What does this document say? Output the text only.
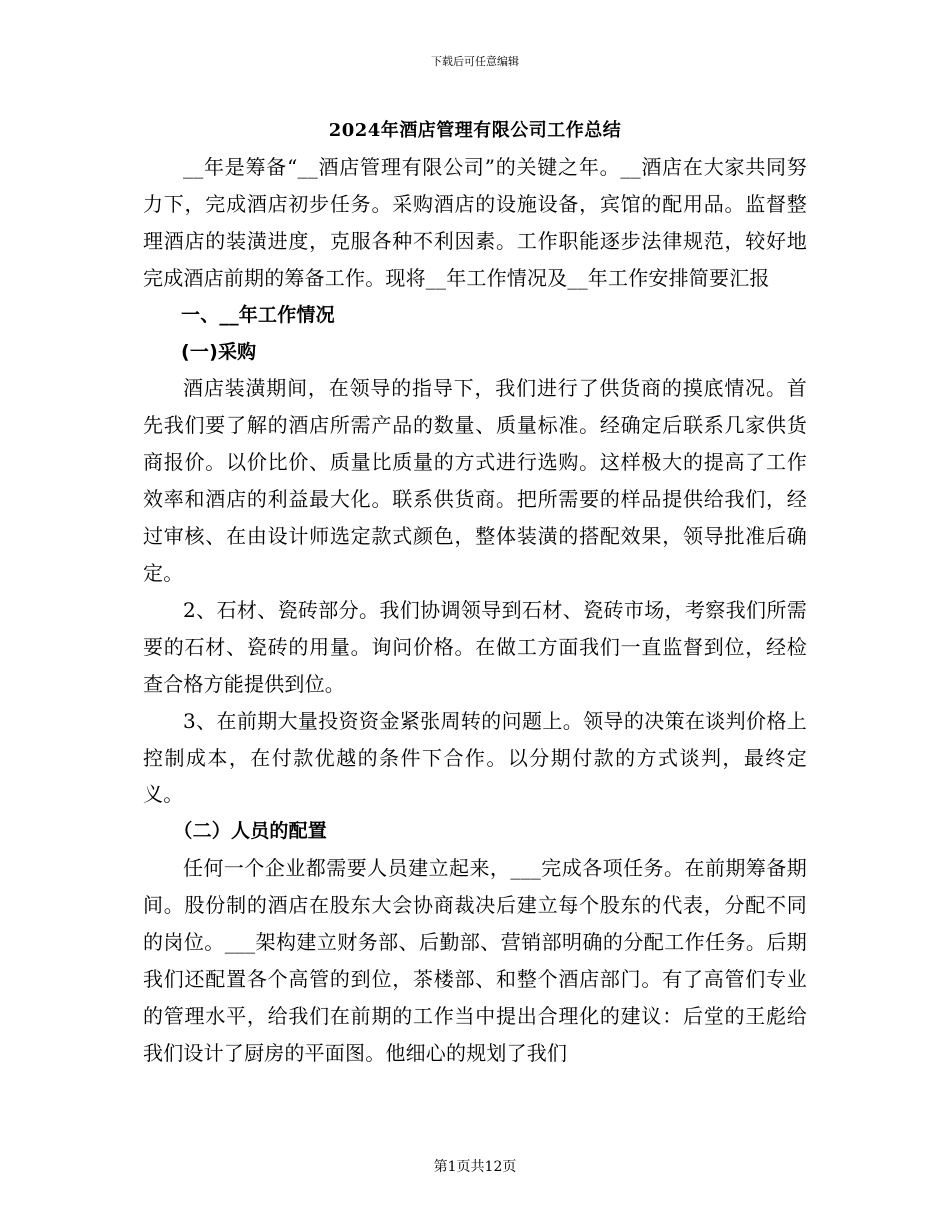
下载后可任意编辑
2024年酒店管理有限公司工作总结

__年是筹备“__酒店管理有限公司”的关键之年。__酒店在大家共同努力下，完成酒店初步任务。采购酒店的设施设备，宾馆的配用品。监督整理酒店的装潢进度，克服各种不利因素。工作职能逐步法律规范，较好地完成酒店前期的筹备工作。现将__年工作情况及__年工作安排简要汇报

一、__年工作情况

(一)采购

酒店装潢期间，在领导的指导下，我们进行了供货商的摸底情况。首先我们要了解的酒店所需产品的数量、质量标准。经确定后联系几家供货商报价。以价比价、质量比质量的方式进行选购。这样极大的提高了工作效率和酒店的利益最大化。联系供货商。把所需要的样品提供给我们，经过审核、在由设计师选定款式颜色，整体装潢的搭配效果，领导批准后确定。

2、石材、瓷砖部分。我们协调领导到石材、瓷砖市场，考察我们所需要的石材、瓷砖的用量。询问价格。在做工方面我们一直监督到位，经检查合格方能提供到位。

3、在前期大量投资资金紧张周转的问题上。领导的决策在谈判价格上控制成本，在付款优越的条件下合作。以分期付款的方式谈判，最终定义。

（二）人员的配置

任何一个企业都需要人员建立起来，___完成各项任务。在前期筹备期间。股份制的酒店在股东大会协商裁决后建立每个股东的代表，分配不同的岗位。___架构建立财务部、后勤部、营销部明确的分配工作任务。后期我们还配置各个高管的到位，茶楼部、和整个酒店部门。有了高管们专业的管理水平，给我们在前期的工作当中提出合理化的建议：后堂的王彪给我们设计了厨房的平面图。他细心的规划了我们

第1页共12页
